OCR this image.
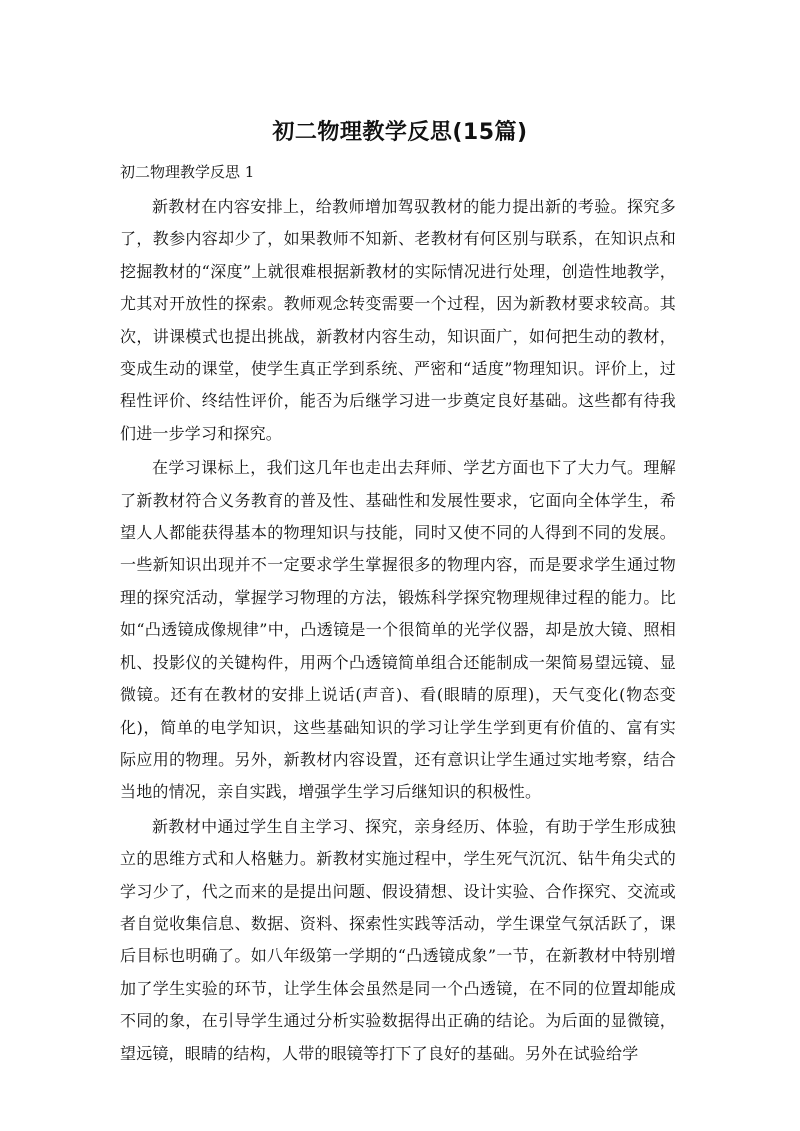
初二物理教学反思(15篇)
初二物理教学反思 1

新教材在内容安排上，给教师增加驾驭教材的能力提出新的考验。探究多了，教参内容却少了，如果教师不知新、老教材有何区别与联系，在知识点和挖掘教材的“深度”上就很难根据新教材的实际情况进行处理，创造性地教学，尤其对开放性的探索。教师观念转变需要一个过程，因为新教材要求较高。其次，讲课模式也提出挑战，新教材内容生动，知识面广，如何把生动的教材，变成生动的课堂，使学生真正学到系统、严密和“适度”物理知识。评价上，过程性评价、终结性评价，能否为后继学习进一步奠定良好基础。这些都有待我们进一步学习和探究。

在学习课标上，我们这几年也走出去拜师、学艺方面也下了大力气。理解了新教材符合义务教育的普及性、基础性和发展性要求，它面向全体学生，希望人人都能获得基本的物理知识与技能，同时又使不同的人得到不同的发展。一些新知识出现并不一定要求学生掌握很多的物理内容，而是要求学生通过物理的探究活动，掌握学习物理的方法，锻炼科学探究物理规律过程的能力。比如“凸透镜成像规律”中，凸透镜是一个很简单的光学仪器，却是放大镜、照相机、投影仪的关键构件，用两个凸透镜简单组合还能制成一架简易望远镜、显微镜。还有在教材的安排上说话(声音)、看(眼睛的原理)，天气变化(物态变化)，简单的电学知识，这些基础知识的学习让学生学到更有价值的、富有实际应用的物理。另外，新教材内容设置，还有意识让学生通过实地考察，结合当地的情况，亲自实践，增强学生学习后继知识的积极性。

新教材中通过学生自主学习、探究，亲身经历、体验，有助于学生形成独立的思维方式和人格魅力。新教材实施过程中，学生死气沉沉、钻牛角尖式的学习少了，代之而来的是提出问题、假设猜想、设计实验、合作探究、交流或者自觉收集信息、数据、资料、探索性实践等活动，学生课堂气氛活跃了，课后目标也明确了。如八年级第一学期的“凸透镜成象”一节，在新教材中特别增加了学生实验的环节，让学生体会虽然是同一个凸透镜，在不同的位置却能成不同的象，在引导学生通过分析实验数据得出正确的结论。为后面的显微镜，望远镜，眼睛的结构，人带的眼镜等打下了良好的基础。另外在试验给学
